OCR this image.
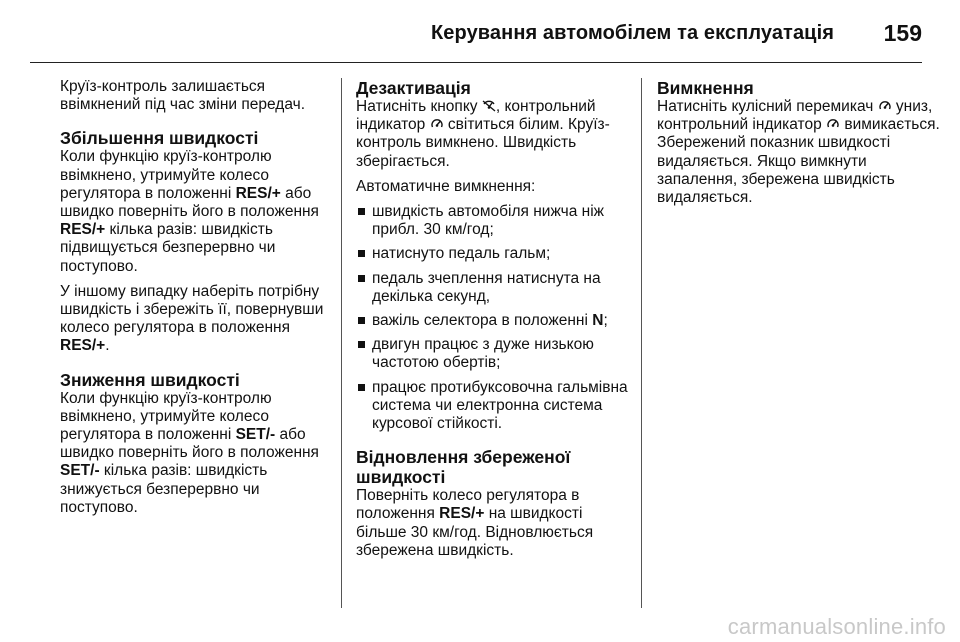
Керування автомобілем та експлуатація 159

Круїз-контроль залишається ввімкнений під час зміни передач.

Збільшення швидкості

Коли функцію круїз-контролю ввімкнено, утримуйте колесо регулятора в положенні RES/+ або швидко поверніть його в положення RES/+ кілька разів: швидкість підвищується безперервно чи поступово.

У іншому випадку наберіть потрібну швидкість і збережіть її, повернувши колесо регулятора в положення RES/+.

Зниження швидкості

Коли функцію круїз-контролю ввімкнено, утримуйте колесо регулятора в положенні SET/- або швидко поверніть його в положення SET/- кілька разів: швидкість знижується безперервно чи поступово.

Дезактивація

Натисніть кнопку
, контрольний індикатор
світиться білим. Круїз-контроль вимкнено. Швидкість зберігається.

Автоматичне вимкнення:

швидкість автомобіля нижча ніж прибл. 30 км/год;
натиснуто педаль гальм;
педаль зчеплення натиснута на декілька секунд,
важіль селектора в положенні N;
двигун працює з дуже низькою частотою обертів;
працює протибуксовочна гальмівна система чи електронна система курсової стійкості.
Відновлення збереженої швидкості

Поверніть колесо регулятора в положення RES/+ на швидкості більше 30 км/год. Відновлюється збережена швидкість.

Вимкнення

Натисніть кулісний перемикач
униз, контрольний індикатор
вимикається. Збережений показник швидкості видаляється. Якщо вимкнути запалення, збережена швидкість видаляється.

carmanualsonline.info
